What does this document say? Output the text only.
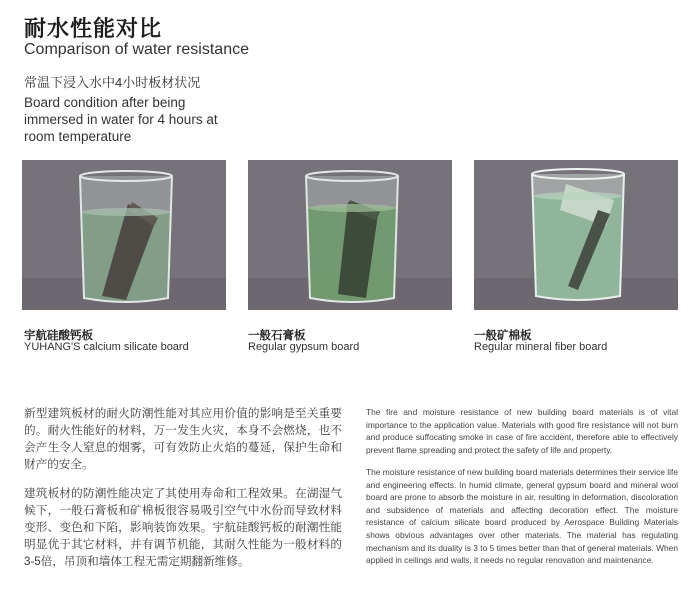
耐水性能对比
Comparison of water resistance
常温下浸入水中4小时板材状况
Board condition after being immersed in water for 4 hours at room temperature
宇航硅酸钙板
YUHANG'S calcium silicate board
一般石膏板
Regular gypsum board
一般矿棉板
Regular mineral fiber board

新型建筑板材的耐火防潮性能对其应用价值的影响是至关重要的。耐火性能好的材料，万一发生火灾，本身不会燃烧，也不会产生令人窒息的烟雾，可有效防止火焰的蔓延，保护生命和财产的安全。

建筑板材的防潮性能决定了其使用寿命和工程效果。在湖湿气候下，一般石膏板和矿棉板很容易吸引空气中水份而导致材料变形、变色和下陷，影响装饰效果。宇航硅酸钙板的耐潮性能明显优于其它材料，并有调节机能，其耐久性能为一般材料的3-5倍，吊顶和墙体工程无需定期翻新维修。

The fire and moisture resistance of new building board materials is of vital importance to the application value. Materials with good fire resistance will not burn and produce suffocating smoke in case of fire accident, therefore able to effectively prevent flame spreading and protect the safety of life and property.

The moisture resistance of new building board materials determines their service life and engineering effects. In humid climate, general gypsum board and mineral wool board are prone to absorb the moisture in air, resulting in deformation, discoloration and subsidence of materials and affecting decoration effect. The moisture resistance of calcium silicate board produced by Aerospace Building Materials shows obvious advantages over other materials. The material has regulating mechanism and its duality is 3 to 5 times better than that of general materials. When applied in ceilings and walls, it needs no regular renovation and maintenance.
